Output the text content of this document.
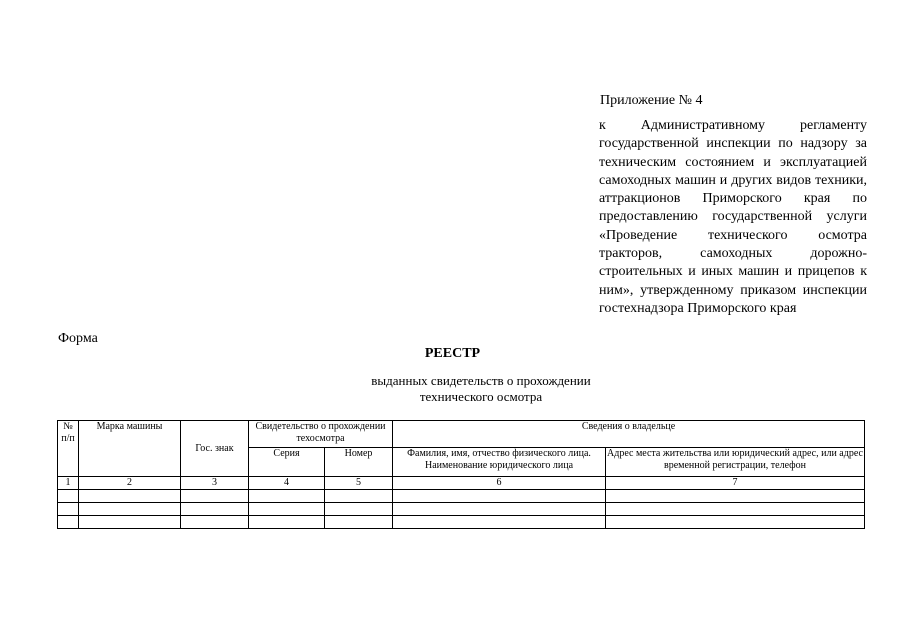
Приложение № 4
к Административному регламенту государственной инспекции по надзору за техническим состоянием и эксплуатацией самоходных машин и других видов техники, аттракционов Приморского края по предоставлению государственной услуги «Проведение технического осмотра тракторов, самоходных дорожно-строительных и иных машин и прицепов к ним», утвержденному приказом инспекции гостехнадзора Приморского края
Форма
РЕЕСТР
выданных свидетельств о прохождении технического осмотра
№ п/п	Марка машины	Гос. знак	Свидетельство о прохождении техосмотра		Сведения о владельце	
			Серия	Номер	Фамилия, имя, отчество физического лица. Наименование юридического лица	Адрес места жительства или юридический адрес, или адрес временной регистрации, телефон
1	2	3	4	5	6	7
